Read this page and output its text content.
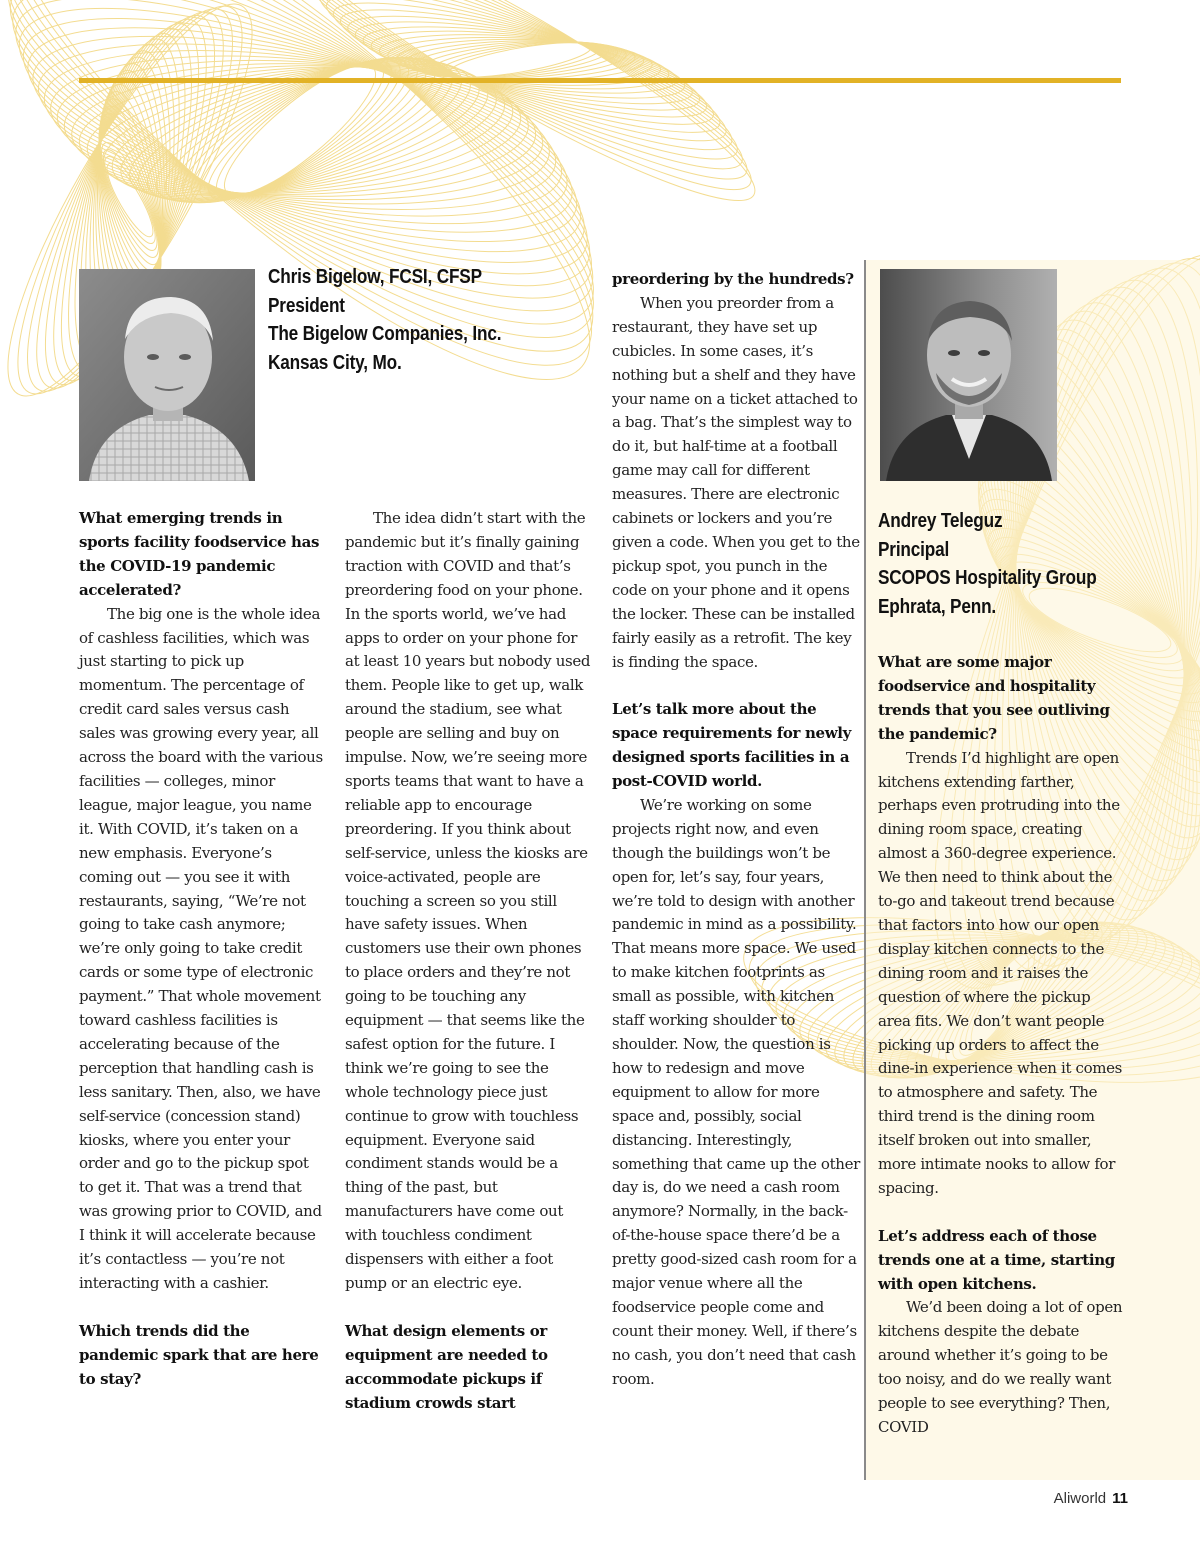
Chris Bigelow, FCSI, CFSP
President
The Bigelow Companies, Inc.
Kansas City, Mo.
Andrey Teleguz
Principal
SCOPOS Hospitality Group
Ephrata, Penn.

What emerging trends in sports facility foodservice has the COVID-19 pandemic accelerated?

The big one is the whole idea of cashless facilities, which was just starting to pick up momentum. The percentage of credit card sales versus cash sales was growing every year, all across the board with the various facilities — colleges, minor league, major league, you name it. With COVID, it’s taken on a new emphasis. Everyone’s coming out — you see it with restaurants, saying, “We’re not going to take cash anymore; we’re only going to take credit cards or some type of electronic payment.” That whole movement toward cashless facilities is accelerating because of the perception that handling cash is less sanitary. Then, also, we have self-service (concession stand) kiosks, where you enter your order and go to the pickup spot to get it. That was a trend that was growing prior to COVID, and I think it will accelerate because it’s contactless — you’re not interacting with a cashier.

Which trends did the pandemic spark that are here to stay?

The idea didn’t start with the pandemic but it’s finally gaining traction with COVID and that’s preordering food on your phone. In the sports world, we’ve had apps to order on your phone for at least 10 years but nobody used them. People like to get up, walk around the stadium, see what people are selling and buy on impulse. Now, we’re seeing more sports teams that want to have a reliable app to encourage preordering. If you think about self-service, unless the kiosks are voice-activated, people are touching a screen so you still have safety issues. When customers use their own phones to place orders and they’re not going to be touching any equipment — that seems like the safest option for the future. I think we’re going to see the whole technology piece just continue to grow with touchless equipment. Everyone said condiment stands would be a thing of the past, but manufacturers have come out with touchless condiment dispensers with either a foot pump or an electric eye.

What design elements or equipment are needed to accommodate pickups if stadium crowds start

preordering by the hundreds?

When you preorder from a restaurant, they have set up cubicles. In some cases, it’s nothing but a shelf and they have your name on a ticket attached to a bag. That’s the simplest way to do it, but half-time at a football game may call for different measures. There are electronic cabinets or lockers and you’re given a code. When you get to the pickup spot, you punch in the code on your phone and it opens the locker. These can be installed fairly easily as a retrofit. The key is finding the space.

Let’s talk more about the space requirements for newly designed sports facilities in a post-COVID world.

We’re working on some projects right now, and even though the buildings won’t be open for, let’s say, four years, we’re told to design with another pandemic in mind as a possibility. That means more space. We used to make kitchen footprints as small as possible, with kitchen staff working shoulder to shoulder. Now, the question is how to redesign and move equipment to allow for more space and, possibly, social distancing. Interestingly, something that came up the other day is, do we need a cash room anymore? Normally, in the back-of-the-house space there’d be a pretty good-sized cash room for a major venue where all the foodservice people come and count their money. Well, if there’s no cash, you don’t need that cash room.

What are some major foodservice and hospitality trends that you see outliving the pandemic?

Trends I’d highlight are open kitchens extending farther, perhaps even protruding into the dining room space, creating almost a 360-degree experience. We then need to think about the to-go and takeout trend because that factors into how our open display kitchen connects to the dining room and it raises the question of where the pickup area fits. We don’t want people picking up orders to affect the dine-in experience when it comes to atmosphere and safety. The third trend is the dining room itself broken out into smaller, more intimate nooks to allow for spacing.

Let’s address each of those trends one at a time, starting with open kitchens.

We’d been doing a lot of open kitchens despite the debate around whether it’s going to be too noisy, and do we really want people to see everything? Then, COVID

Aliworld 11
